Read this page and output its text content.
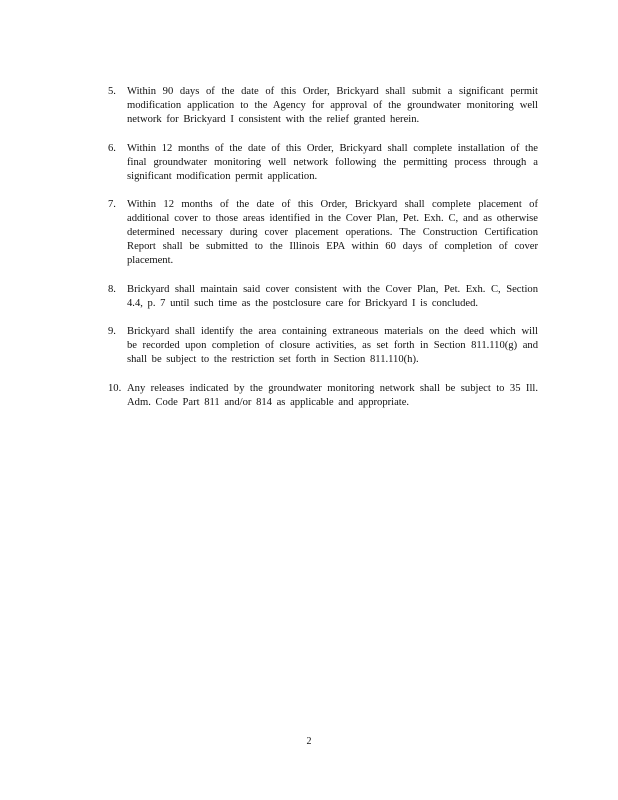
5.	Within 90 days of the date of this Order, Brickyard shall submit a significant permit modification application to the Agency for approval of the groundwater monitoring well network for Brickyard I consistent with the relief granted herein.
6.	Within 12 months of the date of this Order, Brickyard shall complete installation of the final groundwater monitoring well network following the permitting process through a significant modification permit application.
7.	Within 12 months of the date of this Order, Brickyard shall complete placement of additional cover to those areas identified in the Cover Plan, Pet. Exh. C, and as otherwise determined necessary during cover placement operations. The Construction Certification Report shall be submitted to the Illinois EPA within 60 days of completion of cover placement.
8.	Brickyard shall maintain said cover consistent with the Cover Plan, Pet. Exh. C, Section 4.4, p. 7 until such time as the postclosure care for Brickyard I is concluded.
9.	Brickyard shall identify the area containing extraneous materials on the deed which will be recorded upon completion of closure activities, as set forth in Section 811.110(g) and shall be subject to the restriction set forth in Section 811.110(h).
10. Any releases indicated by the groundwater monitoring network shall be subject to 35 Ill. Adm. Code Part 811 and/or 814 as applicable and appropriate.
2
